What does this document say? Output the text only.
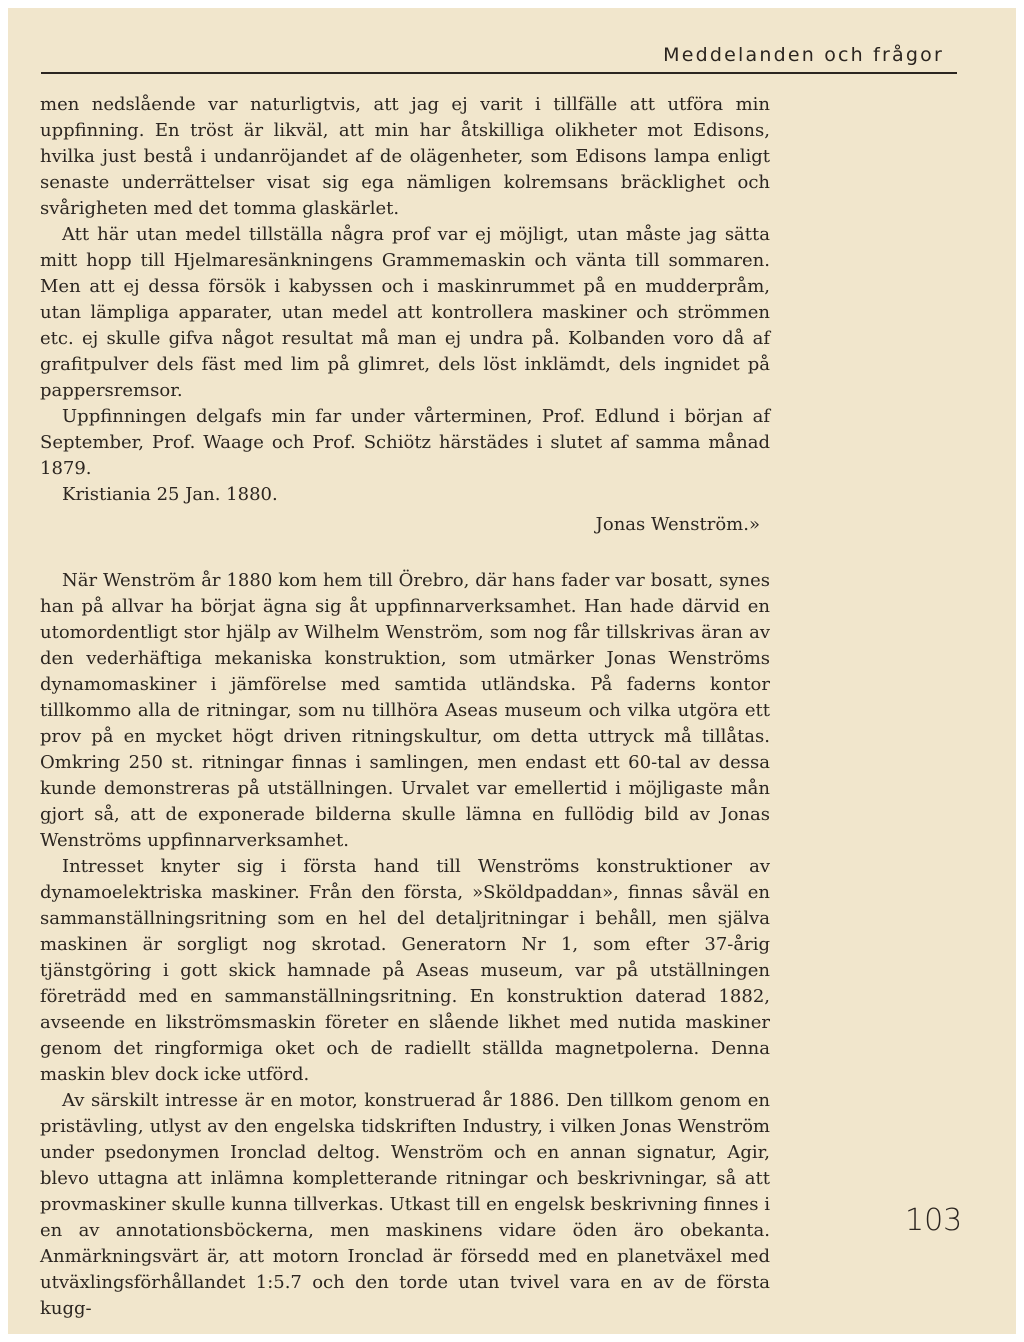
Meddelanden och frågor

men nedslående var naturligtvis, att jag ej varit i tillfälle att utföra min uppfinning. En tröst är likväl, att min har åtskilliga olikheter mot Edisons, hvilka just bestå i undanröjandet af de olägenheter, som Edisons lampa enligt senaste underrättelser visat sig ega nämligen kolremsans bräcklighet och svårigheten med det tomma glaskärlet.

Att här utan medel tillställa några prof var ej möjligt, utan måste jag sätta mitt hopp till Hjelmaresänkningens Grammemaskin och vänta till sommaren. Men att ej dessa försök i kabyssen och i maskinrummet på en mudderpråm, utan lämpliga apparater, utan medel att kontrollera maskiner och strömmen etc. ej skulle gifva något resultat må man ej undra på. Kolbanden voro då af grafitpulver dels fäst med lim på glimret, dels löst inklämdt, dels ingnidet på pappersremsor.

Uppfinningen delgafs min far under vårterminen, Prof. Edlund i början af September, Prof. Waage och Prof. Schiötz härstädes i slutet af samma månad 1879.

Kristiania 25 Jan. 1880.

Jonas Wenström.»

När Wenström år 1880 kom hem till Örebro, där hans fader var bosatt, synes han på allvar ha börjat ägna sig åt uppfinnarverksamhet. Han hade därvid en utomordentligt stor hjälp av Wilhelm Wenström, som nog får tillskrivas äran av den vederhäftiga mekaniska konstruktion, som utmärker Jonas Wenströms dynamomaskiner i jämförelse med samtida utländska. På faderns kontor tillkommo alla de ritningar, som nu tillhöra Aseas museum och vilka utgöra ett prov på en mycket högt driven ritningskultur, om detta uttryck må tillåtas. Omkring 250 st. ritningar finnas i samlingen, men endast ett 60-tal av dessa kunde demonstreras på utställningen. Urvalet var emellertid i möjligaste mån gjort så, att de exponerade bilderna skulle lämna en fullödig bild av Jonas Wenströms uppfinnarverksamhet.

Intresset knyter sig i första hand till Wenströms konstruktioner av dynamoelektriska maskiner. Från den första, »Sköldpaddan», finnas såväl en sammanställningsritning som en hel del detaljritningar i behåll, men själva maskinen är sorgligt nog skrotad. Generatorn Nr 1, som efter 37-årig tjänstgöring i gott skick hamnade på Aseas museum, var på utställningen företrädd med en sammanställningsritning. En konstruktion daterad 1882, avseende en likströmsmaskin företer en slående likhet med nutida maskiner genom det ringformiga oket och de radiellt ställda magnetpolerna. Denna maskin blev dock icke utförd.

Av särskilt intresse är en motor, konstruerad år 1886. Den tillkom genom en pristävling, utlyst av den engelska tidskriften Industry, i vilken Jonas Wenström under psedonymen Ironclad deltog. Wenström och en annan signatur, Agir, blevo uttagna att inlämna kompletterande ritningar och beskrivningar, så att provmaskiner skulle kunna tillverkas. Utkast till en engelsk beskrivning finnes i en av annotationsböckerna, men maskinens vidare öden äro obekanta. Anmärkningsvärt är, att motorn Ironclad är försedd med en planetväxel med utväxlingsförhållandet 1:5.7 och den torde utan tvivel vara en av de första kugg-

103
